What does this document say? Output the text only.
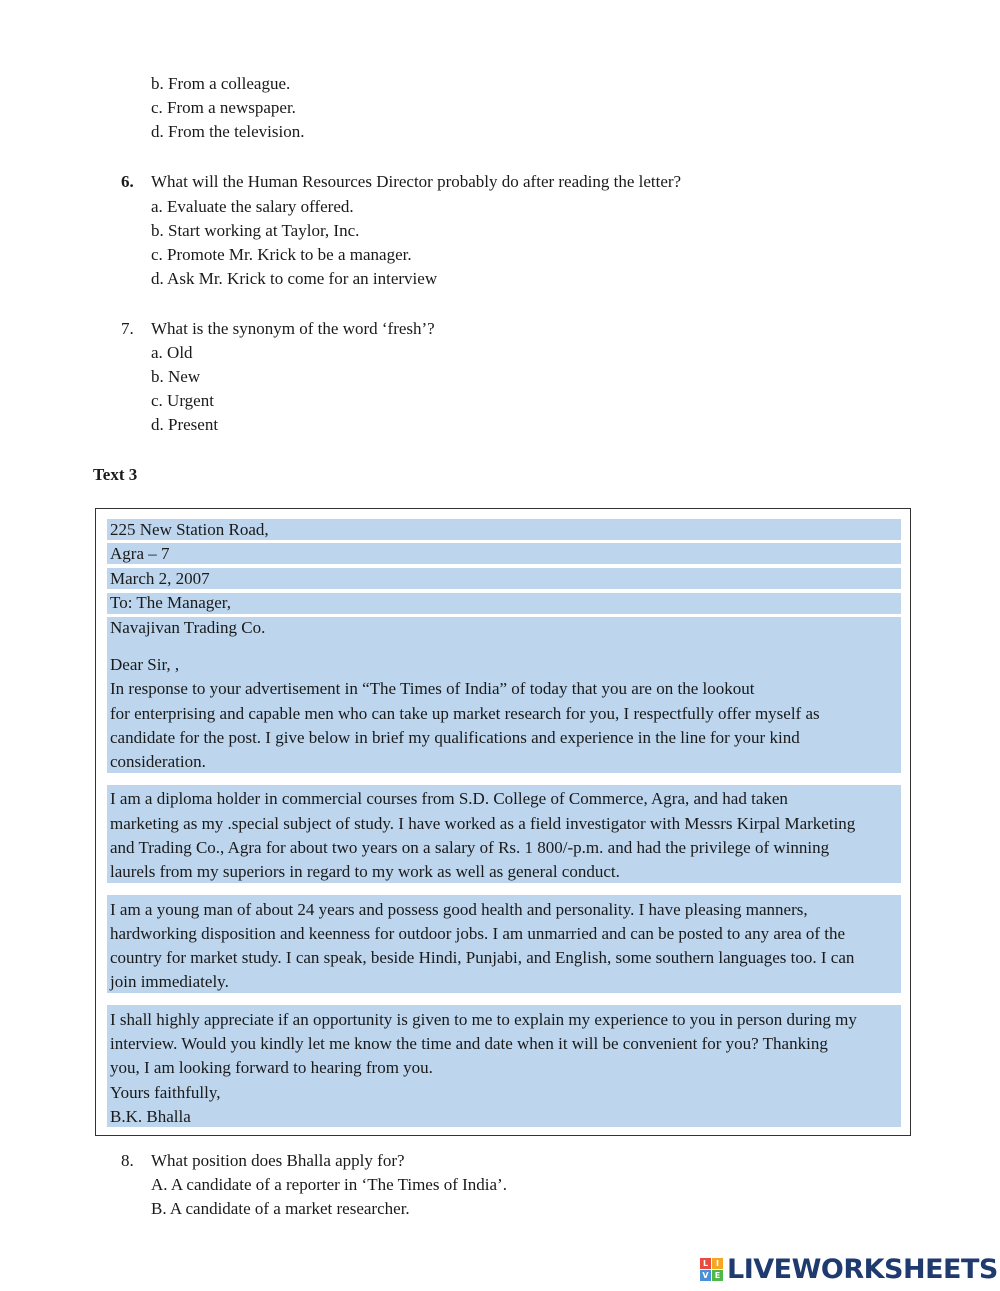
b. From a colleague.
c. From a newspaper.
d. From the television.
6. What will the Human Resources Director probably do after reading the letter?
a. Evaluate the salary offered.
b. Start working at Taylor, Inc.
c. Promote Mr. Krick to be a manager.
d. Ask Mr. Krick to come for an interview
7. What is the synonym of the word ‘fresh’?
a. Old
b. New
c. Urgent
d. Present
Text 3
225 New Station Road,
Agra – 7
March 2, 2007
To: The Manager,
Navajivan Trading Co.
Dear Sir, ,
In response to your advertisement in “The Times of India” of today that you are on the lookout
for enterprising and capable men who can take up market research for you, I respectfully offer myself as
candidate for the post. I give below in brief my qualifications and experience in the line for your kind
consideration.
I am a diploma holder in commercial courses from S.D. College of Commerce, Agra, and had taken
marketing as my .special subject of study. I have worked as a field investigator with Messrs Kirpal Marketing
and Trading Co., Agra for about two years on a salary of Rs. 1 800/-p.m. and had the privilege of winning
laurels from my superiors in regard to my work as well as general conduct.
I am a young man of about 24 years and possess good health and personality. I have pleasing manners,
hardworking disposition and keenness for outdoor jobs. I am unmarried and can be posted to any area of the
country for market study. I can speak, beside Hindi, Punjabi, and English, some southern languages too. I can
join immediately.
I shall highly appreciate if an opportunity is given to me to explain my experience to you in person during my
interview. Would you kindly let me know the time and date when it will be convenient for you? Thanking
you, I am looking forward to hearing from you.
Yours faithfully,
B.K. Bhalla
8. What position does Bhalla apply for?
A. A candidate of a reporter in ‘The Times of India’.
B. A candidate of a market researcher.
L I
V E LIVEWORKSHEETS
